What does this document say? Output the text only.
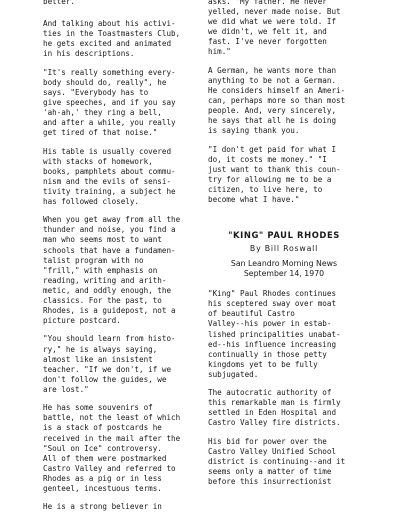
better."

And talking about his activi-
ties in the Toastmasters Club,
he gets excited and animated
in his descriptions.

"It's really something every-
body should do, really", he
says. "Everybody has to
give speeches, and if you say
'ah-ah,' they ring a bell,
and after a while, you really
get tired of that noise."

His table is usually covered
with stacks of homework,
books, pamphlets about commu-
nism and the evils of sensi-
tivity training, a subject he
has followed closely.

When you get away from all the
thunder and noise, you find a
man who seems most to want
schools that have a fundamen-
talist program with no
"frill," with emphasis on
reading, writing and arith-
metic, and oddly enough, the
classics. For the past, to
Rhodes, is a guidepost, not a
picture postcard.

"You should learn from histo-
ry," he is always saying,
almost like an insistent
teacher. "If we don't, if we
don't follow the guides, we
are lost."

He has some souvenirs of
battle, not the least of which
is a stack of postcards he
received in the mail after the
"Soul on Ice" controversy.
All of them were postmarked
Castro Valley and referred to
Rhodes as a pig or in less
genteel, incestuous terms.

He is a strong believer in

asks. "My father. He never
yelled, never made noise. But
we did what we were told. If
we didn't, we felt it, and
fast. I've never forgotten
him."

A German, he wants more than
anything to be not a German.
He considers himself an Ameri-
can, perhaps more so than most
people. And, very sincerely,
he says that all he is doing
is saying thank you.

"I don't get paid for what I
do, it costs me money." "I
just want to thank this coun-
try for allowing me to be a
citizen, to live here, to
become what I have."

"KING" PAUL RHODES
By Bill Roswall
San Leandro Morning News
September 14, 1970

"King" Paul Rhodes continues
his sceptered sway over moat
of beautiful Castro
Valley--his power in estab-
lished principalities unabat-
ed--his influence increasing
continually in those petty
kingdoms yet to be fully
subjugated.

The autocratic authority of
this remarkable man is firmly
settled in Eden Hospital and
Castro Valley fire districts.

His bid for power over the
Castro Valley Unified School
district is continuing--and it
seems only a matter of time
before this insurrectionist
